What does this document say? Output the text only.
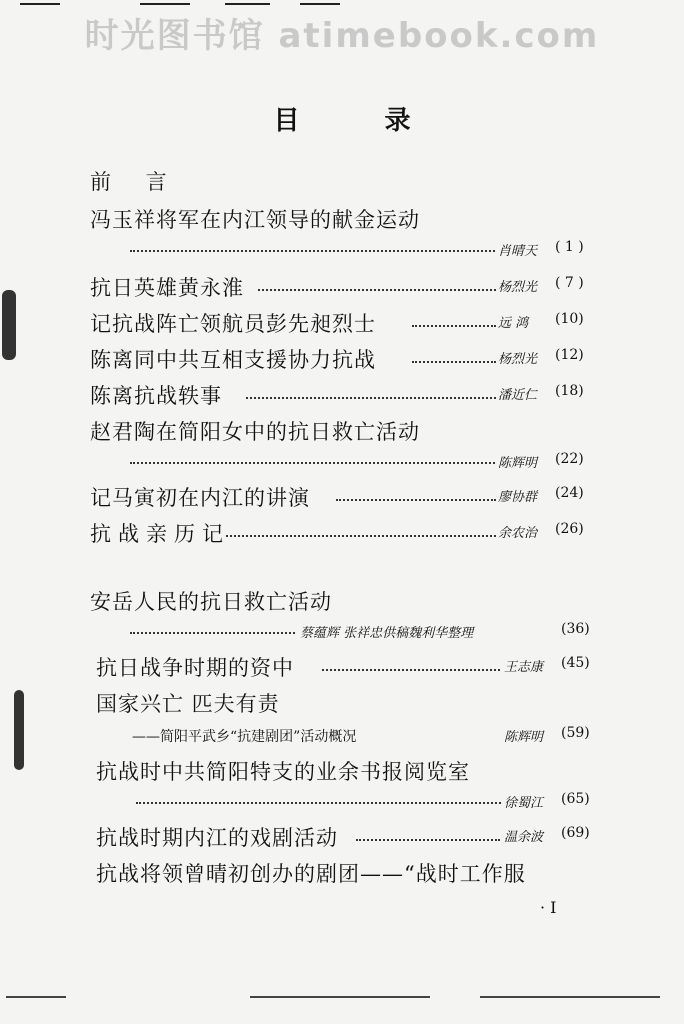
时光图书馆 atimebook.com
目 录
前 言
冯玉祥将军在内江领导的献金运动
肖晴天 ( 1 )
抗日英雄黄永淮	杨烈光 ( 7 )
记抗战阵亡领航员彭先昶烈士	远 鸿 (10)
陈离同中共互相支援协力抗战	杨烈光 (12)
陈离抗战轶事	潘近仁 (18)
赵君陶在简阳女中的抗日救亡活动
陈辉明 (22)
记马寅初在内江的讲演	廖协群 (24)
抗战亲历记	余农治 (26)
安岳人民的抗日救亡活动
蔡蕴辉 张祥忠供稿魏利华整理	(36)
抗日战争时期的资中	王志康 (45)
国家兴亡 匹夫有责
——简阳平武乡“抗建剧团”活动概况	陈辉明 (59)
抗战时中共简阳特支的业余书报阅览室
徐蜀江 (65)
抗战时期内江的戏剧活动	温余波 (69)
抗战将领曾晴初创办的剧团——“战时工作服
· I
